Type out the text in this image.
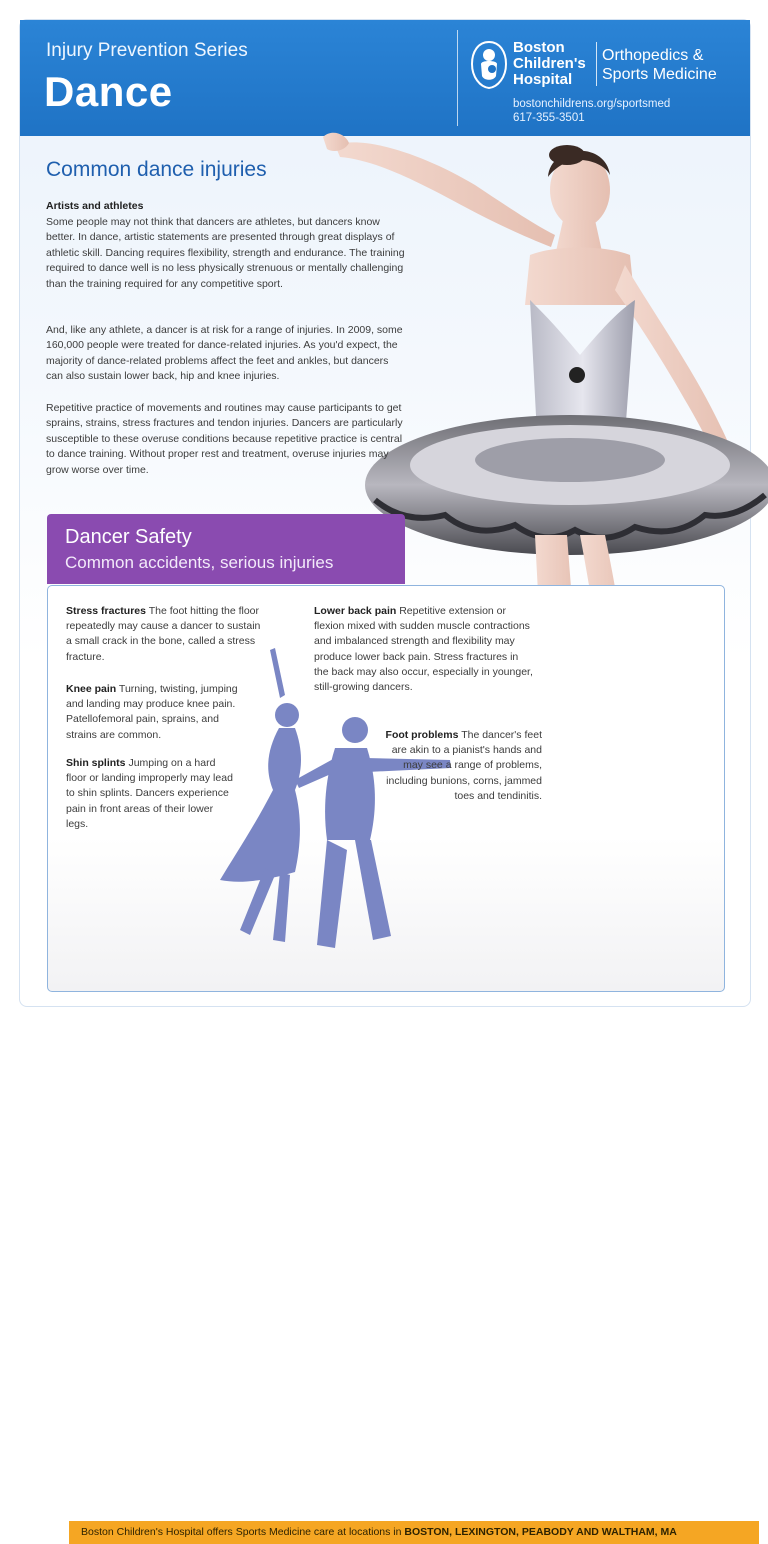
Injury Prevention Series
Dance
Boston
Children's
Hospital
Orthopedics &
Sports Medicine
bostonchildrens.org/sportsmed
617-355-3501
Common dance injuries
Artists and athletes

Some people may not think that dancers are athletes, but dancers know better. In dance, artistic statements are presented through great displays of athletic skill. Dancing requires flexibility, strength and endurance. The training required to dance well is no less physically strenuous or mentally challenging than the training required for any competitive sport.

And, like any athlete, a dancer is at risk for a range of injuries. In 2009, some 160,000 people were treated for dance-related injuries. As you'd expect, the majority of dance-related problems affect the feet and ankles, but dancers can also sustain lower back, hip and knee injuries.

Repetitive practice of movements and routines may cause participants to get sprains, strains, stress fractures and tendon injuries. Dancers are particularly susceptible to these overuse conditions because repetitive practice is central to dance training. Without proper rest and treatment, overuse injuries may grow worse over time.

Boston Children's Hospital offers Sports Medicine care at locations in BOSTON, LEXINGTON, PEABODY AND WALTHAM, MA
Dancer Safety
Common accidents, serious injuries

Stress fractures The foot hitting the floor repeatedly may cause a dancer to sustain a small crack in the bone, called a stress fracture.

Knee pain Turning, twisting, jumping and landing may produce knee pain. Patellofemoral pain, sprains, and strains are common.

Shin splints Jumping on a hard floor or landing improperly may lead to shin splints. Dancers experience pain in front areas of their lower legs.

Lower back pain Repetitive extension or flexion mixed with sudden muscle contractions and imbalanced strength and flexibility may produce lower back pain. Stress fractures in the back may also occur, especially in younger, still-growing dancers.

Foot problems The dancer's feet are akin to a pianist's hands and may see a range of problems, including bunions, corns, jammed toes and tendinitis.
